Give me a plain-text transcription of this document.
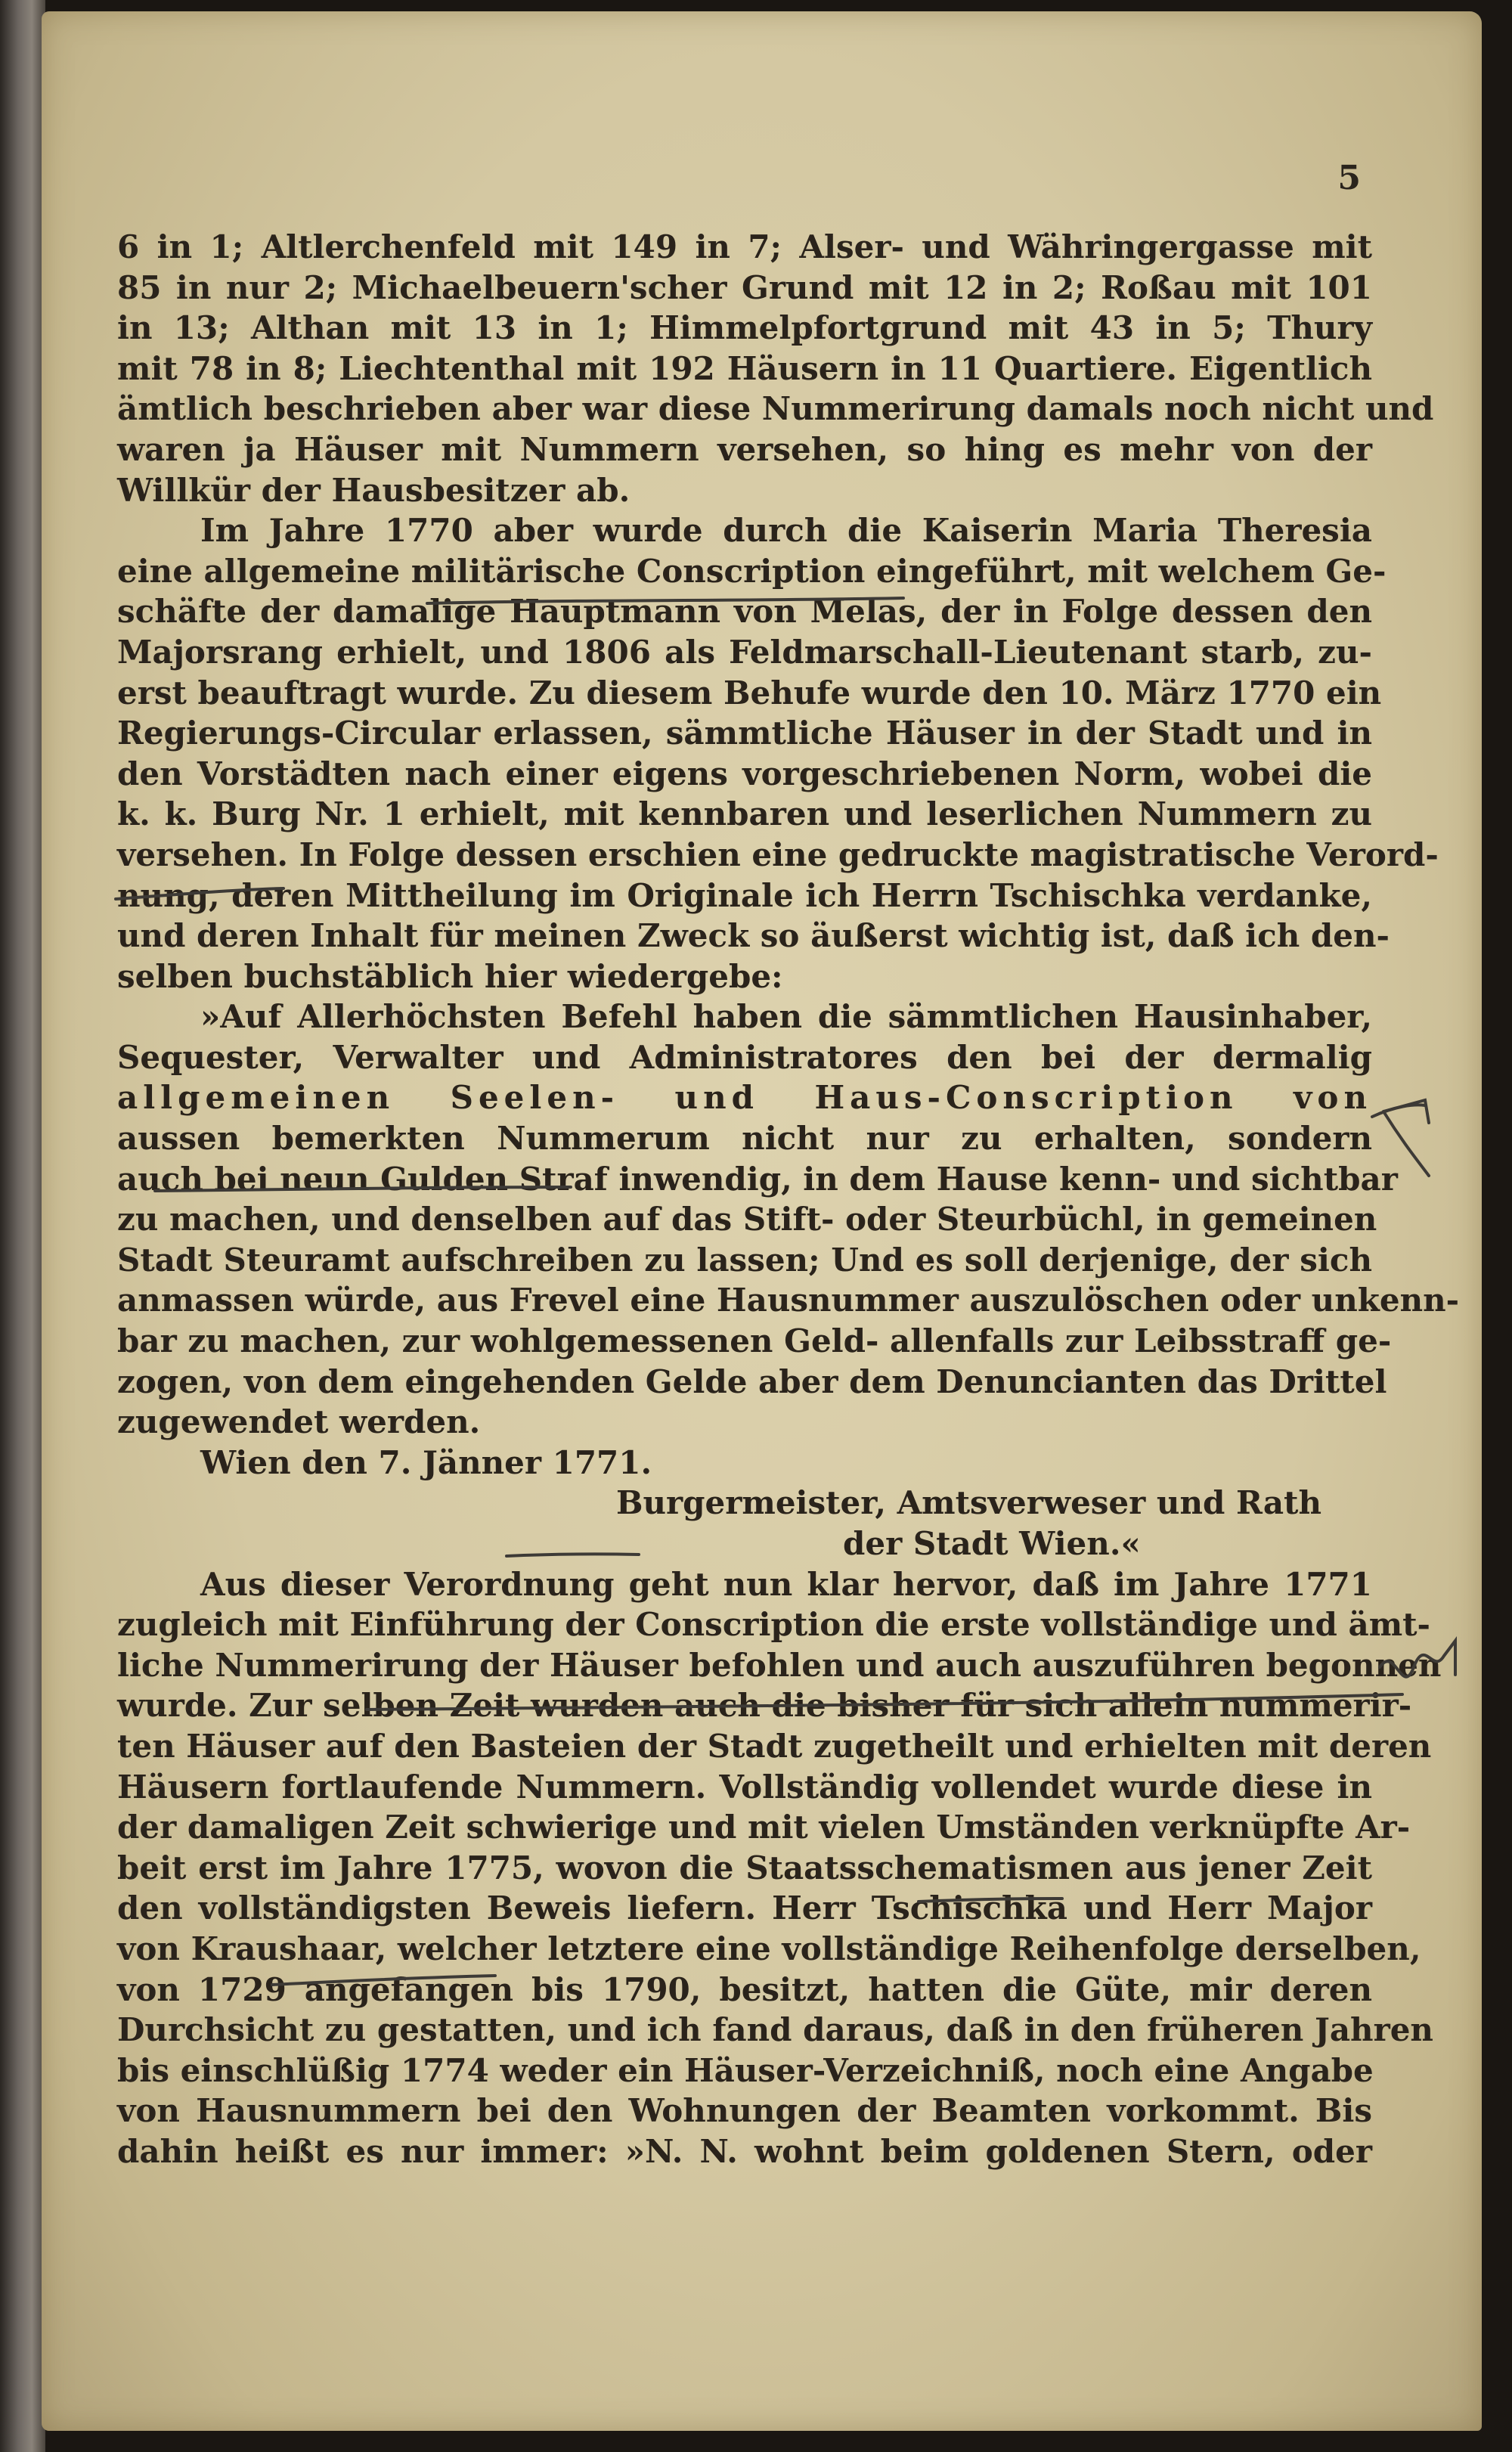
5
6 in 1; Altlerchenfeld mit 149 in 7; Alser- und Währingergasse mit
85 in nur 2; Michaelbeuern'scher Grund mit 12 in 2; Roßau mit 101
in 13; Althan mit 13 in 1; Himmelpfortgrund mit 43 in 5; Thury
mit 78 in 8; Liechtenthal mit 192 Häusern in 11 Quartiere. Eigentlich
ämtlich beschrieben aber war diese Nummerirung damals noch nicht und
waren ja Häuser mit Nummern versehen, so hing es mehr von der
Willkür der Hausbesitzer ab.
Im Jahre 1770 aber wurde durch die Kaiserin Maria Theresia
eine allgemeine militärische Conscription eingeführt, mit welchem Ge-
schäfte der damalige Hauptmann von Melas, der in Folge dessen den
Majorsrang erhielt, und 1806 als Feldmarschall-Lieutenant starb, zu-
erst beauftragt wurde. Zu diesem Behufe wurde den 10. März 1770 ein
Regierungs-Circular erlassen, sämmtliche Häuser in der Stadt und in
den Vorstädten nach einer eigens vorgeschriebenen Norm, wobei die
k. k. Burg Nr. 1 erhielt, mit kennbaren und leserlichen Nummern zu
versehen. In Folge dessen erschien eine gedruckte magistratische Verord-
nung, deren Mittheilung im Originale ich Herrn Tschischka verdanke,
und deren Inhalt für meinen Zweck so äußerst wichtig ist, daß ich den-
selben buchstäblich hier wiedergebe:
»Auf Allerhöchsten Befehl haben die sämmtlichen Hausinhaber,
Sequester, Verwalter und Administratores den bei der dermalig
allgemeinen Seelen- und Haus-Conscription von
aussen bemerkten Nummerum nicht nur zu erhalten, sondern
auch bei neun Gulden Straf inwendig, in dem Hause kenn- und sichtbar
zu machen, und denselben auf das Stift- oder Steurbüchl, in gemeinen
Stadt Steuramt aufschreiben zu lassen; Und es soll derjenige, der sich
anmassen würde, aus Frevel eine Hausnummer auszulöschen oder unkenn-
bar zu machen, zur wohlgemessenen Geld- allenfalls zur Leibsstraff ge-
zogen, von dem eingehenden Gelde aber dem Denuncianten das Drittel
zugewendet werden.
Wien den 7. Jänner 1771.
Burgermeister, Amtsverweser und Rath
der Stadt Wien.«
Aus dieser Verordnung geht nun klar hervor, daß im Jahre 1771
zugleich mit Einführung der Conscription die erste vollständige und ämt-
liche Nummerirung der Häuser befohlen und auch auszuführen begonnen
wurde. Zur selben Zeit wurden auch die bisher für sich allein nummerir-
ten Häuser auf den Basteien der Stadt zugetheilt und erhielten mit deren
Häusern fortlaufende Nummern. Vollständig vollendet wurde diese in
der damaligen Zeit schwierige und mit vielen Umständen verknüpfte Ar-
beit erst im Jahre 1775, wovon die Staatsschematismen aus jener Zeit
den vollständigsten Beweis liefern. Herr Tschischka und Herr Major
von Kraushaar, welcher letztere eine vollständige Reihenfolge derselben,
von 1729 angefangen bis 1790, besitzt, hatten die Güte, mir deren
Durchsicht zu gestatten, und ich fand daraus, daß in den früheren Jahren
bis einschlüßig 1774 weder ein Häuser-Verzeichniß, noch eine Angabe
von Hausnummern bei den Wohnungen der Beamten vorkommt. Bis
dahin heißt es nur immer: »N. N. wohnt beim goldenen Stern, oder
